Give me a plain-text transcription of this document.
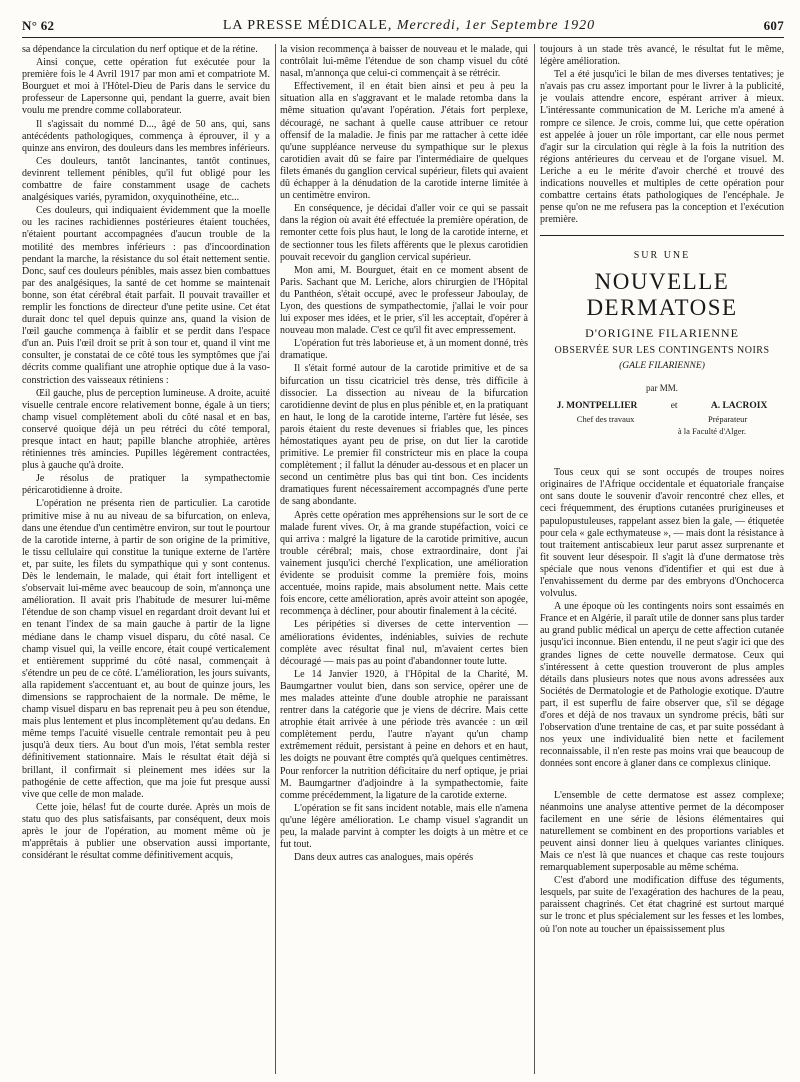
N° 62	LA PRESSE MÉDICALE, Mercredi, 1er Septembre 1920	607

sa dépendance la circulation du nerf optique et de la rétine.

Ainsi conçue, cette opération fut exécutée pour la première fois le 4 Avril 1917 par mon ami et compatriote M. Bourguet et moi à l'Hôtel-Dieu de Paris dans le service du professeur de Lapersonne qui, pendant la guerre, avait bien voulu me prendre comme collaborateur.

Il s'agissait du nommé D..., âgé de 50 ans, qui, sans antécédents pathologiques, commença à éprouver, il y a quinze ans environ, des douleurs dans les membres inférieurs.

Ces douleurs, tantôt lancinantes, tantôt continues, devinrent tellement pénibles, qu'il fut obligé pour les combattre de faire constamment usage de cachets analgésiques variés, pyramidon, oxyquinothéine, etc...

Ces douleurs, qui indiquaient évidemment que la moelle ou les racines rachidiennes postérieures étaient touchées, n'étaient pourtant accompagnées d'aucun trouble de la motilité des membres inférieurs : pas d'incoordination pendant la marche, la résistance du sol était nettement sentie. Donc, sauf ces douleurs pénibles, mais assez bien combattues par des analgésiques, la santé de cet homme se maintenait bonne, son état cérébral était parfait. Il pouvait travailler et remplir les fonctions de directeur d'une petite usine. Cet état durait donc tel quel depuis quinze ans, quand la vision de l'œil gauche commença à faiblir et se perdit dans l'espace d'un an. Puis l'œil droit se prit à son tour et, quand il vint me consulter, je constatai de ce côté tous les symptômes que j'ai décrits comme qualifiant une atrophie optique due à la vaso-constriction des vaisseaux rétiniens :

Œil gauche, plus de perception lumineuse. A droite, acuité visuelle centrale encore relativement bonne, égale à un tiers; champ visuel complètement aboli du côté nasal et en bas, conservé quoique déjà un peu rétréci du côté temporal, presque intact en haut; papille blanche atrophiée, artères rétiniennes très amincies. Pupilles légèrement contractées, plus à gauche qu'à droite.

Je résolus de pratiquer la sympathectomie péricarotidienne à droite.

L'opération ne présenta rien de particulier. La carotide primitive mise à nu au niveau de sa bifurcation, on enleva, dans une étendue d'un centimètre environ, sur tout le pourtour de la carotide interne, à partir de son origine de la primitive, le tissu cellulaire qui constitue la tunique externe de l'artère et, par suite, les filets du sympathique qui y sont contenus. Dès le lendemain, le malade, qui était fort intelligent et s'observait lui-même avec beaucoup de soin, m'annonça une amélioration. Il avait pris l'habitude de mesurer lui-même l'étendue de son champ visuel en regardant droit devant lui et en tenant l'index de sa main gauche à partir de la ligne médiane dans le champ visuel disparu, du côté nasal. Ce champ visuel qui, la veille encore, était coupé verticalement et entièrement supprimé du côté nasal, commençait à s'étendre un peu de ce côté. L'amélioration, les jours suivants, alla rapidement s'accentuant et, au bout de quinze jours, les dimensions se rapprochaient de la normale. De même, le champ visuel disparu en bas reprenait peu à peu son étendue, mais plus lentement et plus incomplètement qu'au dedans. En même temps l'acuité visuelle centrale remontait peu à peu jusqu'à deux tiers. Au bout d'un mois, l'état sembla rester définitivement stationnaire. Mais le résultat était déjà si brillant, il confirmait si pleinement mes idées sur la pathogénie de cette affection, que ma joie fut presque aussi vive que celle de mon malade.

Cette joie, hélas! fut de courte durée. Après un mois de statu quo des plus satisfaisants, par conséquent, deux mois après le jour de l'opération, au moment même où je m'apprêtais à publier une observation aussi importante, considérant le résultat comme définitivement acquis,

la vision recommença à baisser de nouveau et le malade, qui contrôlait lui-même l'étendue de son champ visuel du côté nasal, m'annonça que celui-ci commençait à se rétrécir.

Effectivement, il en était bien ainsi et peu à peu la situation alla en s'aggravant et le malade retomba dans la même situation qu'avant l'opération. J'étais fort perplexe, découragé, ne sachant à quelle cause attribuer ce retour offensif de la maladie. Je finis par me rattacher à cette idée qu'une suppléance nerveuse du sympathique sur le plexus carotidien avait dû se faire par l'intermédiaire de quelques filets émanés du ganglion cervical supérieur, filets qui avaient dû échapper à la dénudation de la carotide interne limitée à un centimètre environ.

En conséquence, je décidai d'aller voir ce qui se passait dans la région où avait été effectuée la première opération, de remonter cette fois plus haut, le long de la carotide interne, et de sectionner tous les filets afférents que le plexus carotidien pouvait recevoir du ganglion cervical supérieur.

Mon ami, M. Bourguet, était en ce moment absent de Paris. Sachant que M. Leriche, alors chirurgien de l'Hôpital du Panthéon, s'était occupé, avec le professeur Jaboulay, de Lyon, des questions de sympathectomie, j'allai le voir pour lui exposer mes idées, et le prier, s'il les acceptait, d'opérer à nouveau mon malade. C'est ce qu'il fit avec empressement.

L'opération fut très laborieuse et, à un moment donné, très dramatique.

Il s'était formé autour de la carotide primitive et de sa bifurcation un tissu cicatriciel très dense, très difficile à dissocier. La dissection au niveau de la bifurcation carotidienne devint de plus en plus pénible et, en la pratiquant en haut, le long de la carotide interne, l'artère fut lésée, ses parois étaient du reste devenues si friables que, les pinces hémostatiques ayant peu de prise, on dut lier la carotide primitive. Le premier fil constricteur mis en place la coupa complètement ; il fallut la dénuder au-dessous et en placer un second un centimètre plus bas qui tint bon. Ces incidents dramatiques furent nécessairement accompagnés d'une perte de sang abondante.

Après cette opération mes appréhensions sur le sort de ce malade furent vives. Or, à ma grande stupéfaction, voici ce qui arriva : malgré la ligature de la carotide primitive, aucun trouble cérébral; mais, chose extraordinaire, dont j'ai vainement jusqu'ici cherché l'explication, une amélioration évidente se produisit comme la première fois, moins accentuée, moins rapide, mais absolument nette. Mais cette fois encore, cette amélioration, après avoir atteint son apogée, recommença à décliner, pour aboutir finalement à la cécité.

Les péripéties si diverses de cette intervention — améliorations évidentes, indéniables, suivies de rechute complète avec résultat final nul, m'avaient certes bien découragé — mais pas au point d'abandonner toute lutte.

Le 14 Janvier 1920, à l'Hôpital de la Charité, M. Baumgartner voulut bien, dans son service, opérer une de mes malades atteinte d'une double atrophie ne paraissant rentrer dans la catégorie que je viens de décrire. Mais cette atrophie était arrivée à une période très avancée : un œil complètement perdu, l'autre n'ayant qu'un champ extrêmement réduit, persistant à peine en dehors et en haut, les doigts ne pouvant être comptés qu'à quelques centimètres. Pour renforcer la nutrition déficitaire du nerf optique, je priai M. Baumgartner d'adjoindre à la sympathectomie, faite comme précédemment, la ligature de la carotide externe.

L'opération se fit sans incident notable, mais elle n'amena qu'une légère amélioration. Le champ visuel s'agrandit un peu, la malade parvint à compter les doigts à un mètre et ce fut tout.

Dans deux autres cas analogues, mais opérés

toujours à un stade très avancé, le résultat fut le même, légère amélioration.

Tel a été jusqu'ici le bilan de mes diverses tentatives; je n'avais pas cru assez important pour le livrer à la publicité, je voulais attendre encore, espérant arriver à mieux. L'intéressante communication de M. Leriche m'a amené à rompre ce silence. Je crois, comme lui, que cette opération est appelée à jouer un rôle important, car elle nous permet d'agir sur la circulation qui règle à la fois la nutrition des régions antérieures du cerveau et de l'organe visuel. M. Leriche a eu le mérite d'avoir cherché et trouvé des indications nouvelles et multiples de cette opération pour combattre certains états pathologiques de l'encéphale. Je pense qu'on ne me refusera pas la conception et l'exécution première.

SUR UNE
NOUVELLE DERMATOSE
D'ORIGINE FILARIENNE
OBSERVÉE SUR LES CONTINGENTS NOIRS
(GALE FILARIENNE)
par MM.
J. MONTPELLIER	et	A. LACROIX
Chef des travaux	Préparateur
à la Faculté d'Alger.

Tous ceux qui se sont occupés de troupes noires originaires de l'Afrique occidentale et équatoriale française ont sans doute le souvenir d'avoir rencontré chez elles, et ceci fréquemment, des éruptions cutanées prurigineuses et papulopustuleuses, rappelant assez bien la gale, — étiquetée pour cela « gale ecthymateuse », — mais dont la résistance à tout traitement antiscabieux leur parut assez surprenante et fit souvent leur désespoir. Il s'agit là d'une dermatose très spéciale que nous venons d'identifier et qui est due à l'envahissement du derme par des embryons d'Onchocerca volvulus.

A une époque où les contingents noirs sont essaimés en France et en Algérie, il paraît utile de donner sans plus tarder au grand public médical un aperçu de cette affection cutanée jusqu'ici inconnue. Bien entendu, il ne peut s'agir ici que des grandes lignes de cette nouvelle dermatose. Ceux qui s'intéressent à cette question trouveront de plus amples détails dans plusieurs notes que nous avons adressées aux Sociétés de Dermatologie et de Pathologie exotique. D'autre part, il est superflu de faire observer que, s'il se dégage d'ores et déjà de nos travaux un syndrome précis, bâti sur l'observation d'une trentaine de cas, et par suite possédant à nos yeux une individualité bien nette et facilement reconnaissable, il n'en reste pas moins vrai que beaucoup de données sont encore à glaner dans ce complexus clinique.

L'ensemble de cette dermatose est assez complexe; néanmoins une analyse attentive permet de la décomposer facilement en une série de lésions élémentaires qui naturellement se combinent en des proportions variables et peuvent ainsi donner lieu à quelques variantes cliniques. Mais ce n'est là que nuances et chaque cas reste toujours remarquablement superposable au même schéma.

C'est d'abord une modification diffuse des téguments, lesquels, par suite de l'exagération des hachures de la peau, paraissent chagrinés. Cet état chagriné est surtout marqué sur le tronc et plus spécialement sur les fesses et les lombes, où l'on note au toucher un épaississement plus
